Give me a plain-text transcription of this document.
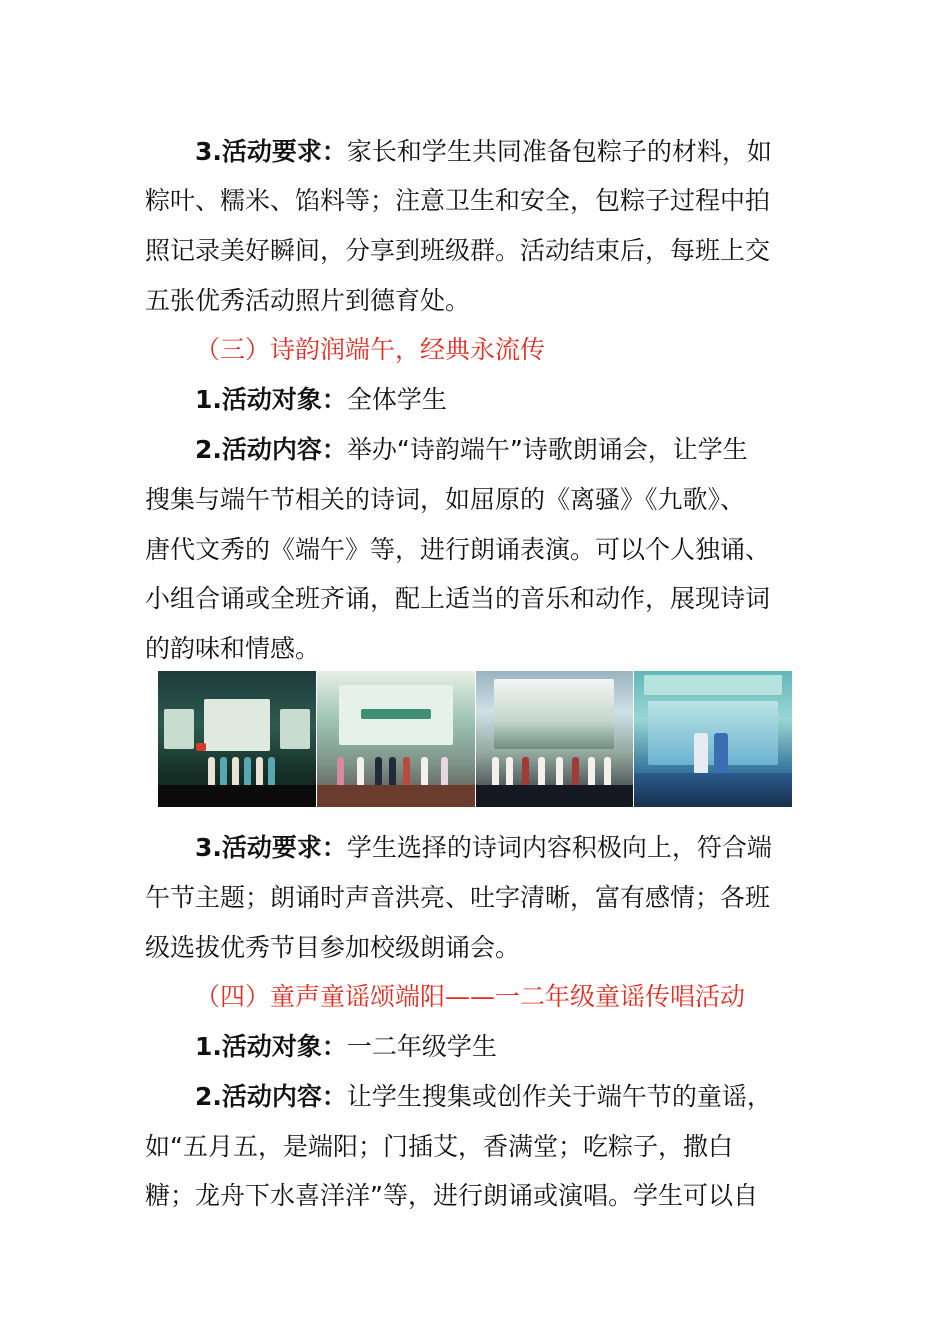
3.活动要求：家长和学生共同准备包粽子的材料，如
粽叶、糯米、馅料等；注意卫生和安全，包粽子过程中拍
照记录美好瞬间，分享到班级群。活动结束后，每班上交
五张优秀活动照片到德育处。
（三）诗韵润端午，经典永流传
1.活动对象：全体学生
2.活动内容：举办“诗韵端午”诗歌朗诵会，让学生
搜集与端午节相关的诗词，如屈原的《离骚》《九歌》、
唐代文秀的《端午》等，进行朗诵表演。可以个人独诵、
小组合诵或全班齐诵，配上适当的音乐和动作，展现诗词
的韵味和情感。
3.活动要求：学生选择的诗词内容积极向上，符合端
午节主题；朗诵时声音洪亮、吐字清晰，富有感情；各班
级选拔优秀节目参加校级朗诵会。
（四）童声童谣颂端阳——一二年级童谣传唱活动
1.活动对象：一二年级学生
2.活动内容：让学生搜集或创作关于端午节的童谣，
如“五月五，是端阳；门插艾，香满堂；吃粽子，撒白
糖；龙舟下水喜洋洋”等，进行朗诵或演唱。学生可以自
